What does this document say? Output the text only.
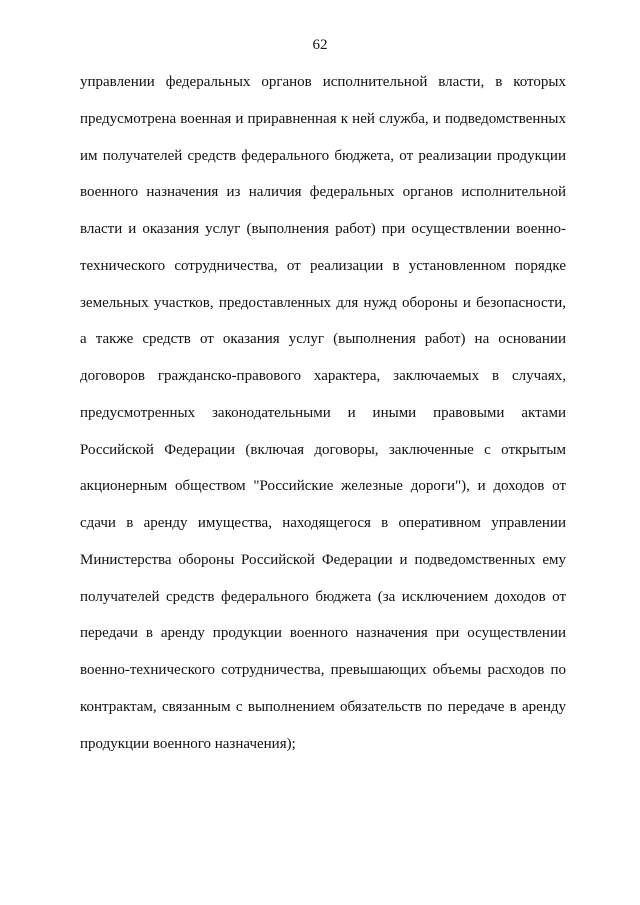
62
управлении федеральных органов исполнительной власти, в которых
предусмотрена военная и приравненная к ней служба, и подведомственных
им получателей средств федерального бюджета, от реализации продукции
военного назначения из наличия федеральных органов исполнительной
власти и оказания услуг (выполнения работ) при осуществлении военно-
технического сотрудничества, от реализации в установленном порядке
земельных участков, предоставленных для нужд обороны и безопасности,
а также средств от оказания услуг (выполнения работ) на основании
договоров гражданско-правового характера, заключаемых в случаях,
предусмотренных законодательными и иными правовыми актами
Российской Федерации (включая договоры, заключенные с открытым
акционерным обществом "Российские железные дороги"), и доходов от
сдачи в аренду имущества, находящегося в оперативном управлении
Министерства обороны Российской Федерации и подведомственных ему
получателей средств федерального бюджета (за исключением доходов от
передачи в аренду продукции военного назначения при осуществлении
военно-технического сотрудничества, превышающих объемы расходов по
контрактам, связанным с выполнением обязательств по передаче в аренду
продукции военного назначения);
